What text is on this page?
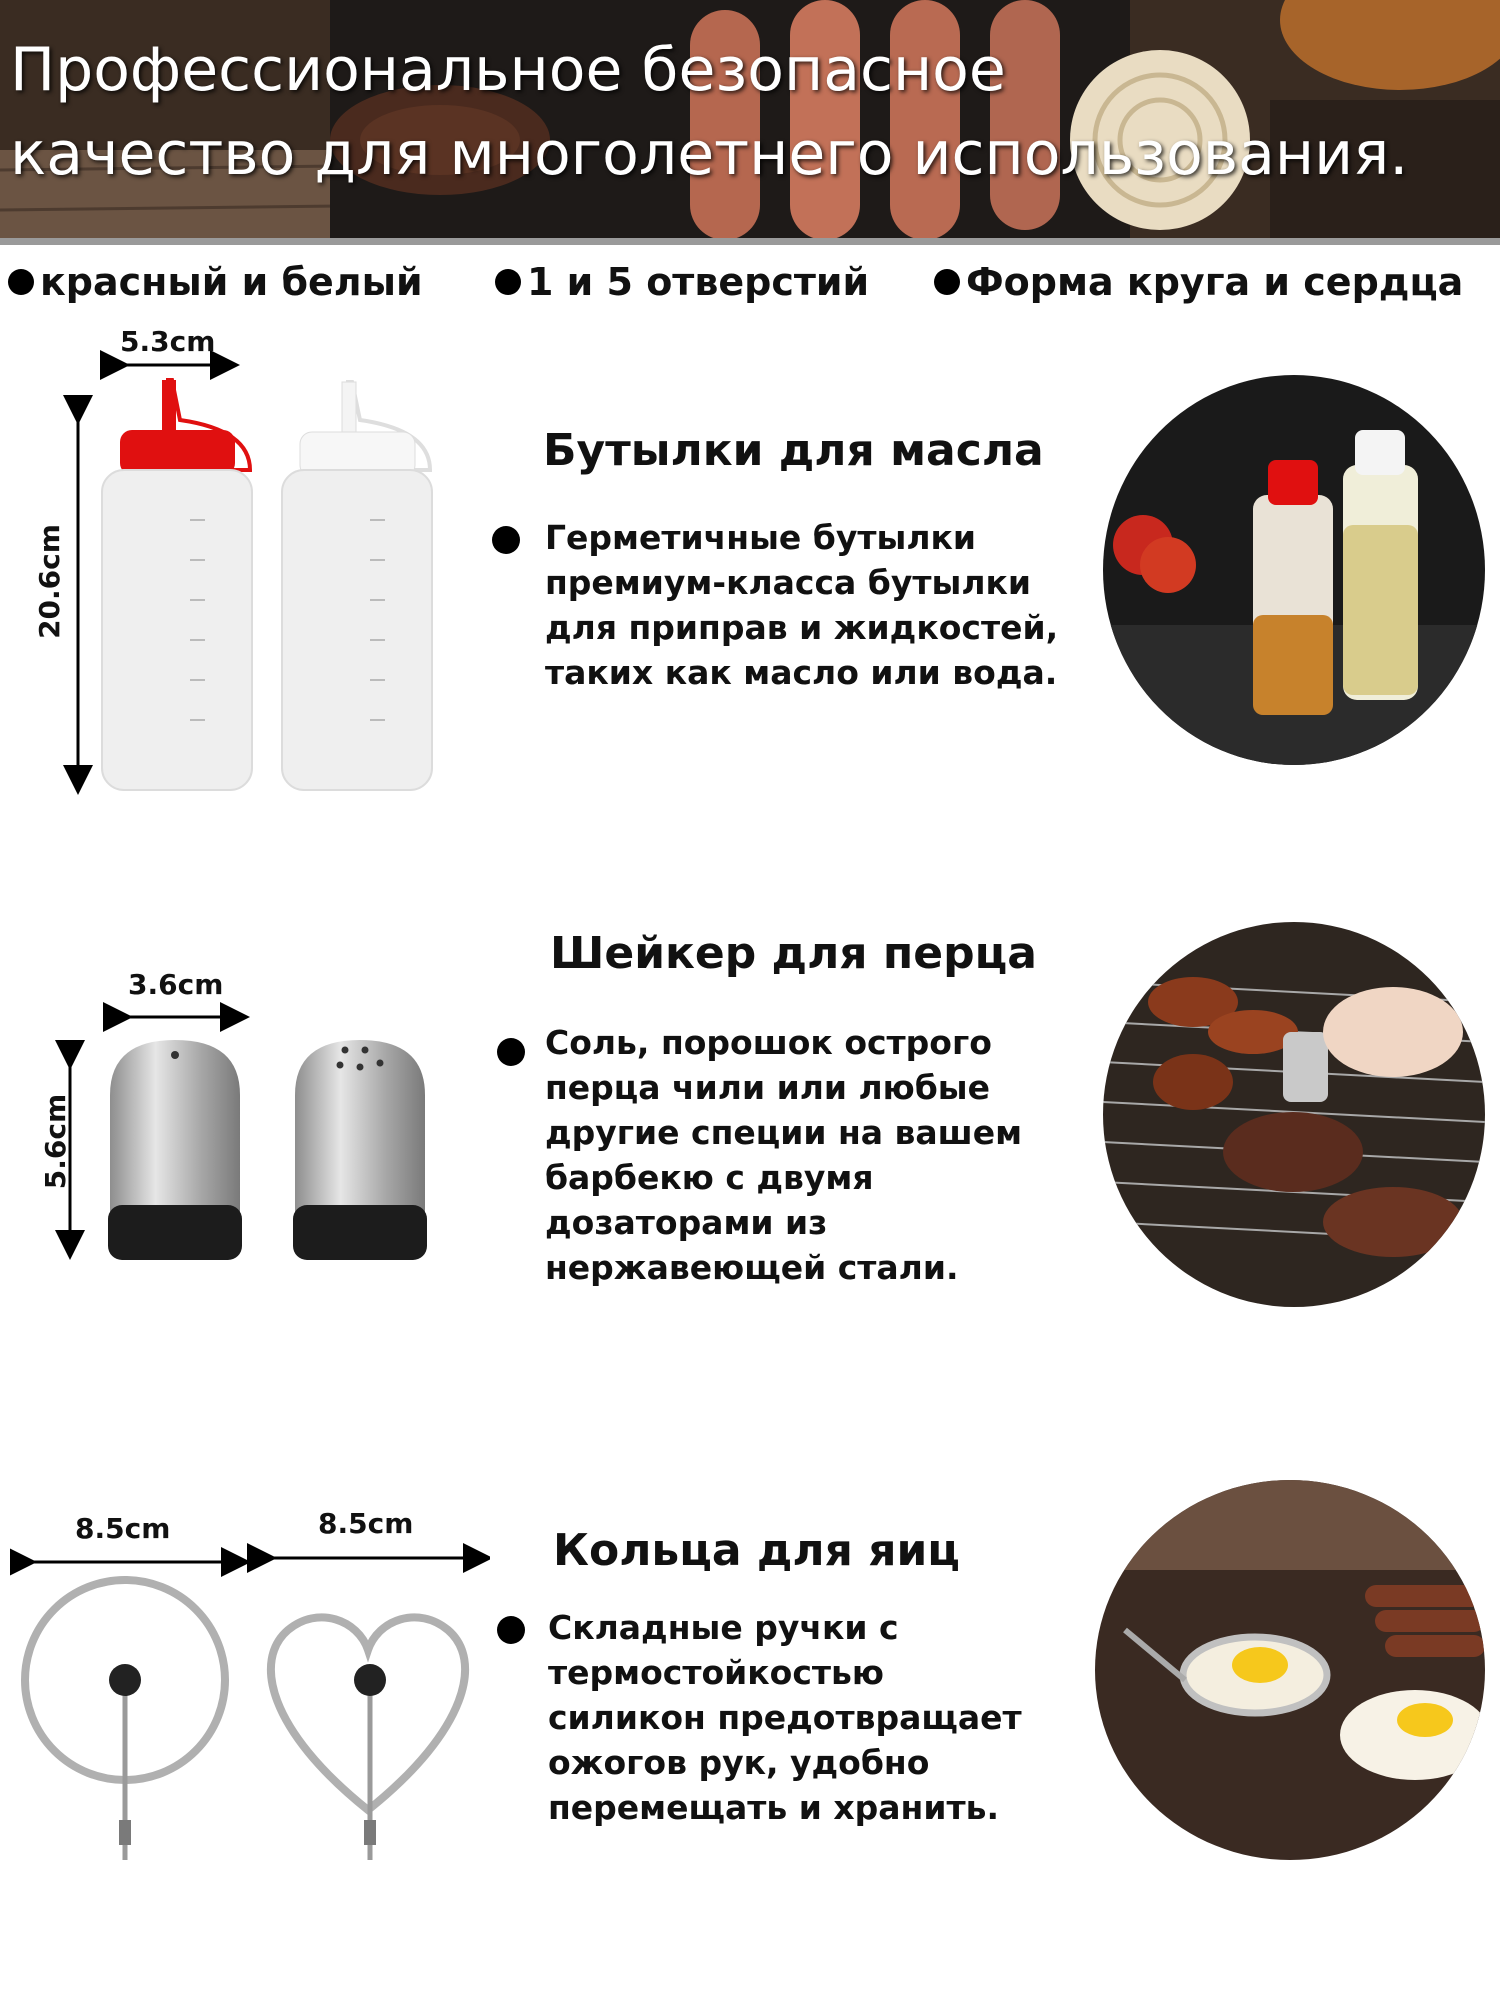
Профессиональное безопасное
качество для многолетнего использования.
красный и белый	1 и 5 отверстий	Форма круга и сердца
5.3cm
20.6cm
Бутылки для масла

Герметичные бутылки
премиум-класса бутылки
для приправ и жидкостей,
таких как масло или вода.

3.6cm
5.6cm
Шейкер для перца

Соль, порошок острого
перца чили или любые
другие специи на вашем
барбекю с двумя
дозаторами из
нержавеющей стали.

8.5cm	8.5cm
Кольца для яиц

Складные ручки с
термостойкостью
силикон предотвращает
ожогов рук, удобно
перемещать и хранить.
